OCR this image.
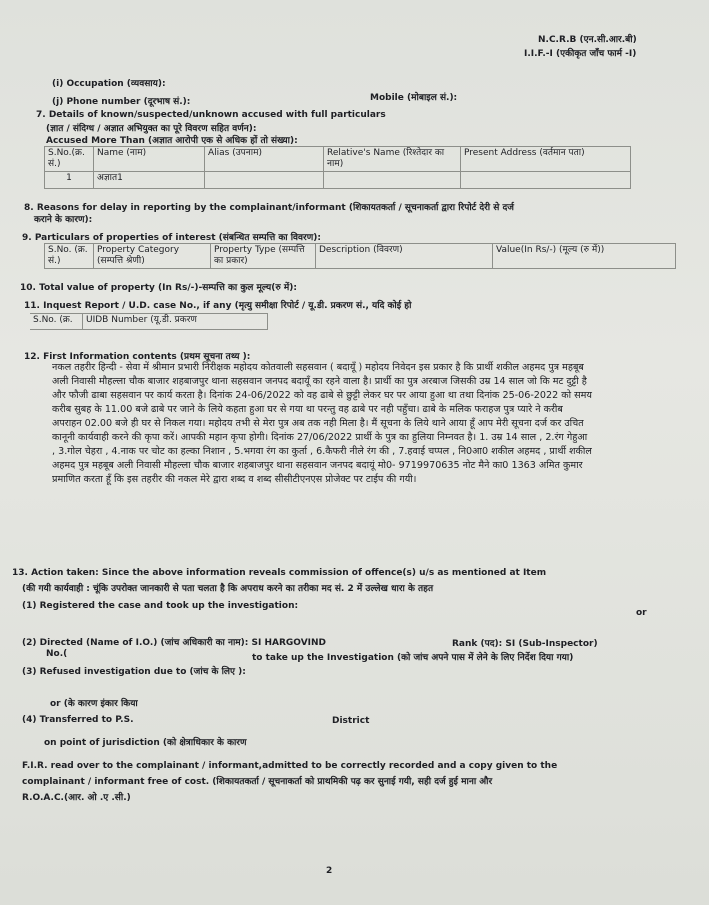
N.C.R.B (एन.सी.आर.बी)
I.I.F.-I (एकीकृत जाँच फार्म -I)
(i) Occupation (व्यवसाय):
(j) Phone number (दूरभाष सं.):	Mobile (मोबाइल सं.):
7. Details of known/suspected/unknown accused with full particulars
(ज्ञात / संदिग्ध / अज्ञात अभियुक्त का पूरे विवरण सहित वर्णन):
Accused More Than (अज्ञात आरोपी एक से अधिक हों तो संख्या):
S.No.(क्र. सं.)	Name (नाम)	Alias (उपनाम)	Relative's Name (रिश्तेदार का नाम)	Present Address (वर्तमान पता)
1	अज्ञात1			
8. Reasons for delay in reporting by the complainant/informant (शिकायतकर्ता / सूचनाकर्ता द्वारा रिपोर्ट देरी से दर्ज
कराने के कारण):
9. Particulars of properties of interest (संबन्धित सम्पत्ति का विवरण):
S.No. (क्र. सं.)	Property Category (सम्पत्ति श्रेणी)	Property Type (सम्पत्ति का प्रकार)	Description (विवरण)	Value(In Rs/-) (मूल्य (रु में))
10. Total value of property (In Rs/-)-सम्पत्ति का कुल मूल्य(रु में):
11. Inquest Report / U.D. case No., if any (मृत्यु समीक्षा रिपोर्ट / यू.डी. प्रकरण सं., यदि कोई हो
S.No. (क्र.	UIDB Number (यू.डी. प्रकरण
12. First Information contents (प्रथम सूचना तथ्य ):
नकल तहरीर हिन्दी - सेवा में श्रीमान प्रभारी निरीक्षक महोदय कोतवाली सहसवान ( बदायूँ ) महोदय निवेदन इस प्रकार है कि प्रार्थी शकील अहमद पुत्र महबूब अली निवासी मौहल्ला चौक बाजार शहबाजपुर थाना सहसवान जनपद बदायूँ का रहने वाला है। प्रार्थी का पुत्र अरबाज जिसकी उम्र 14 साल जो कि मट दुट्टी है और फौजी ढाबा सहसवान पर कार्य करता है। दिनांक 24-06/2022 को वह ढाबे से छुट्टी लेकर घर पर आया हुआ था तथा दिनांक 25-06-2022 को समय करीब सुबह के 11.00 बजे ढाबे पर जाने के लिये कहता हुआ घर से गया था परन्तु वह ढाबे पर नही पहुँचा। ढाबे के मलिक फराहज पुत्र प्यारे ने करीब अपराहन 02.00 बजे ही घर से निकल गया। महोदय तभी से मेरा पुत्र अब तक नही मिला है। मैं सूचना के लिये थाने आया हूँ आप मेरी सूचना दर्ज कर उचित कानूनी कार्यवाही करने की कृपा करें। आपकी महान कृपा होगी। दिनांक 27/06/2022 प्रार्थी के पुत्र का हुलिया निम्नवत है। 1. उम्र 14 साल , 2.रंग गेहुआ , 3.गोल चेहरा , 4.नाक पर चोट का हल्का निशान , 5.भगवा रंग का कुर्ता , 6.कैफरी नीले रंग की , 7.हवाई चप्पल , नि0आ0 शकील अहमद , प्रार्थी शकील अहमद पुत्र महबूब अली निवासी मौहल्ला चौक बाजार शहबाजपुर थाना सहसवान जनपद बदायूं मो0- 9719970635 नोट मैने का0 1363 अमित कुमार प्रमाणित करता हूँ कि इस तहरीर की नकल मेरे द्वारा शब्द व शब्द सीसीटीएनएस प्रोजेक्ट पर टाईप की गयी।
13. Action taken: Since the above information reveals commission of offence(s) u/s as mentioned at Item
(की गयी कार्यवाही : चूंकि उपरोक्त जानकारी से पता चलता है कि अपराध करने का तरीका मद सं. 2 में उल्लेख धारा के तहत
(1) Registered the case and took up the investigation:
or
(2) Directed (Name of I.O.) (जांच अधिकारी का नाम): SI HARGOVIND	Rank (पद): SI (Sub-Inspector)
No.(	to take up the Investigation (को जांच अपने पास में लेने के लिए निर्देश दिया गया)
(3) Refused investigation due to (जांच के लिए ):
or (के कारण इंकार किया
(4) Transferred to P.S.	District
on point of jurisdiction (को क्षेत्राधिकार के कारण
F.I.R. read over to the complainant / informant,admitted to be correctly recorded and a copy given to the
complainant / informant free of cost. (शिकायतकर्ता / सूचनाकर्ता को प्राथमिकी पढ़ कर सुनाई गयी, सही दर्ज हुई माना और
R.O.A.C.(आर. ओ .ए .सी.)
2
